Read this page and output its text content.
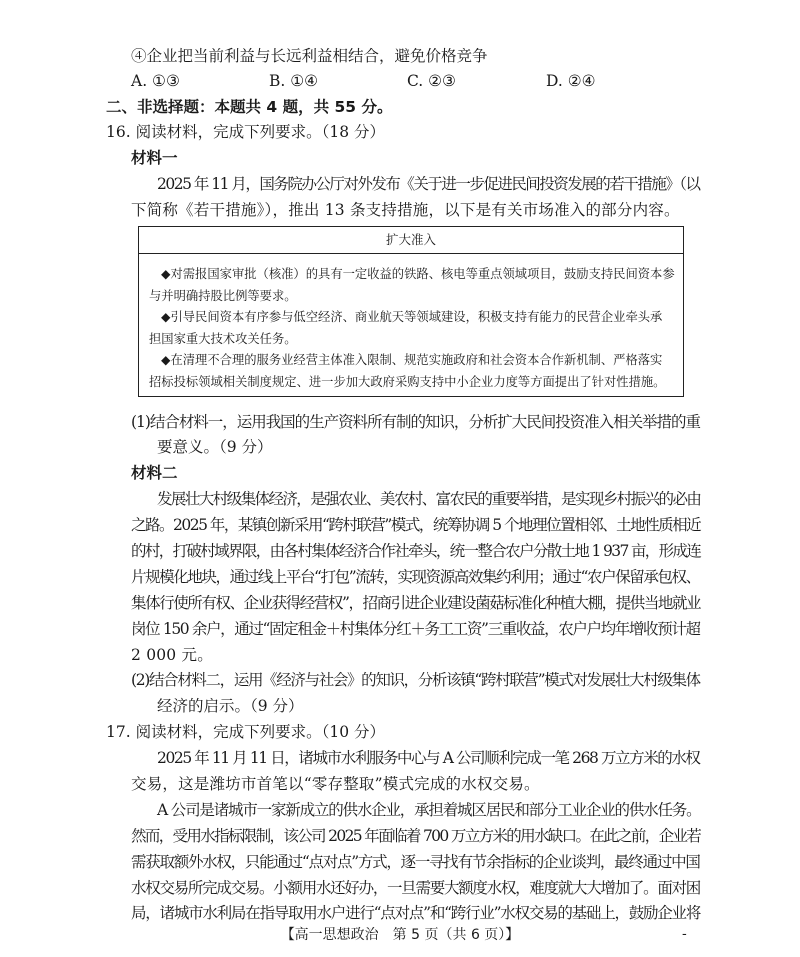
④企业把当前利益与长远利益相结合，避免价格竞争
A. ①③	B. ①④	C. ②③	D. ②④
二、非选择题：本题共 4 题，共 55 分。
16. 阅读材料，完成下列要求。（18 分）
材料一
2025 年 11 月，国务院办公厅对外发布《关于进一步促进民间投资发展的若干措施》（以
下简称《若干措施》），推出 13 条支持措施，以下是有关市场准入的部分内容。
扩大准入
◆对需报国家审批（核准）的具有一定收益的铁路、核电等重点领域项目，鼓励支持民间资本参
与并明确持股比例等要求。
◆引导民间资本有序参与低空经济、商业航天等领域建设，积极支持有能力的民营企业牵头承
担国家重大技术攻关任务。
◆在清理不合理的服务业经营主体准入限制、规范实施政府和社会资本合作新机制、严格落实
招标投标领域相关制度规定、进一步加大政府采购支持中小企业力度等方面提出了针对性措施。
(1)结合材料一，运用我国的生产资料所有制的知识，分析扩大民间投资准入相关举措的重
要意义。（9 分）
材料二
发展壮大村级集体经济，是强农业、美农村、富农民的重要举措，是实现乡村振兴的必由
之路。2025 年，某镇创新采用“跨村联营”模式，统筹协调 5 个地理位置相邻、土地性质相近
的村，打破村域界限，由各村集体经济合作社牵头，统一整合农户分散土地 1 937 亩，形成连
片规模化地块，通过线上平台“打包”流转，实现资源高效集约利用；通过“农户保留承包权、
集体行使所有权、企业获得经营权”，招商引进企业建设菌菇标准化种植大棚，提供当地就业
岗位 150 余户，通过“固定租金＋村集体分红＋务工工资”三重收益，农户户均年增收预计超
2 000 元。
(2)结合材料二，运用《经济与社会》的知识，分析该镇“跨村联营”模式对发展壮大村级集体
经济的启示。（9 分）
17. 阅读材料，完成下列要求。（10 分）
2025 年 11 月 11 日，诸城市水利服务中心与 A 公司顺利完成一笔 268 万立方米的水权
交易，这是潍坊市首笔以“零存整取”模式完成的水权交易。
A 公司是诸城市一家新成立的供水企业，承担着城区居民和部分工业企业的供水任务。
然而，受用水指标限制，该公司 2025 年面临着 700 万立方米的用水缺口。在此之前，企业若
需获取额外水权，只能通过“点对点”方式，逐一寻找有节余指标的企业谈判，最终通过中国
水权交易所完成交易。小额用水还好办，一旦需要大额度水权，难度就大大增加了。面对困
局，诸城市水利局在指导取用水户进行“点对点”和“跨行业”水权交易的基础上，鼓励企业将
【高一思想政治　第 5 页（共 6 页）】	-
